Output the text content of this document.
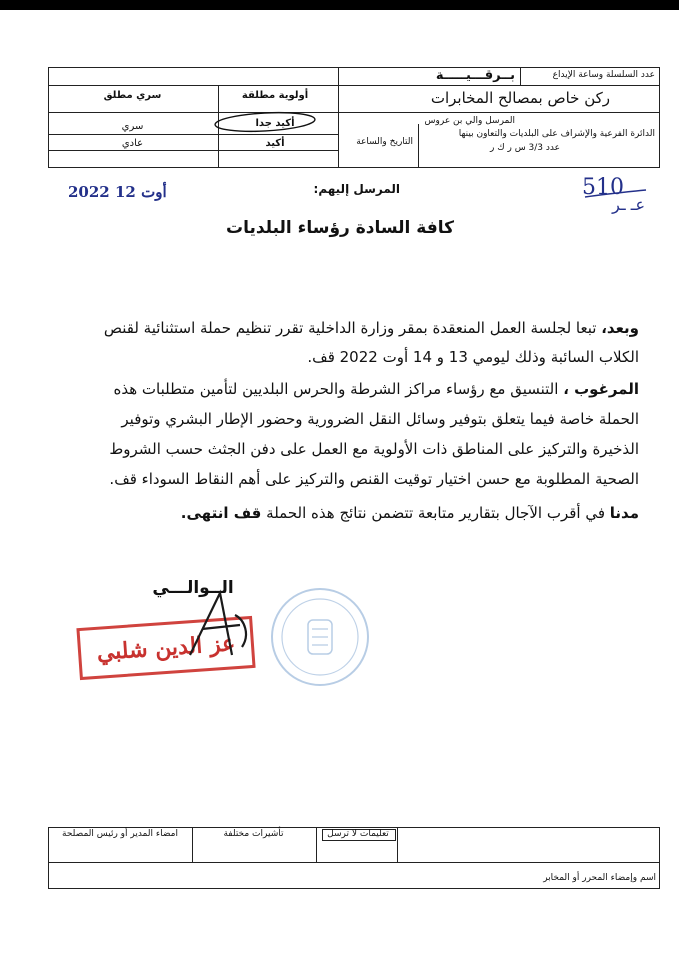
عدد السلسلة وساعة الإيداع
بــرقـــيـــــة
ركن خاص بمصالح المخابرات
المرسل والي بن عروس
الدائرة الفرعية والإشراف على البلديات والتعاون بينها
عدد 3/3 س ر ك ر
التاريخ والساعة
أولوية مطلقة
سري مطلق
أكيد جدا
أكيد
سري
عادي
510
عـ ـر
2022 أوت 12	المرسل إليهم:
كافة السادة رؤساء البلديات
وبعد، تبعا لجلسة العمل المنعقدة بمقر وزارة الداخلية تقرر تنظيم حملة استثنائية لقنص
الكلاب السائبة وذلك ليومي 13 و 14 أوت 2022 قف.
المرغوب ، التنسيق مع رؤساء مراكز الشرطة والحرس البلديين لتأمين متطلبات هذه
الحملة خاصة فيما يتعلق بتوفير وسائل النقل الضرورية وحضور الإطار البشري وتوفير
الذخيرة والتركيز على المناطق ذات الأولوية مع العمل على دفن الجثث حسب الشروط
الصحية المطلوبة مع حسن اختيار توقيت القنص والتركيز على أهم النقاط السوداء قف.
مدنا في أقرب الآجال بتقارير متابعة تتضمن نتائج هذه الحملة قف انتهى.
الــوالـــي
عز الدين شلبي
تعليمات لا ترسل
تأشيرات مختلفة
امضاء المدير أو رئيس المصلحة
اسم وإمضاء المحرر أو المخابر
